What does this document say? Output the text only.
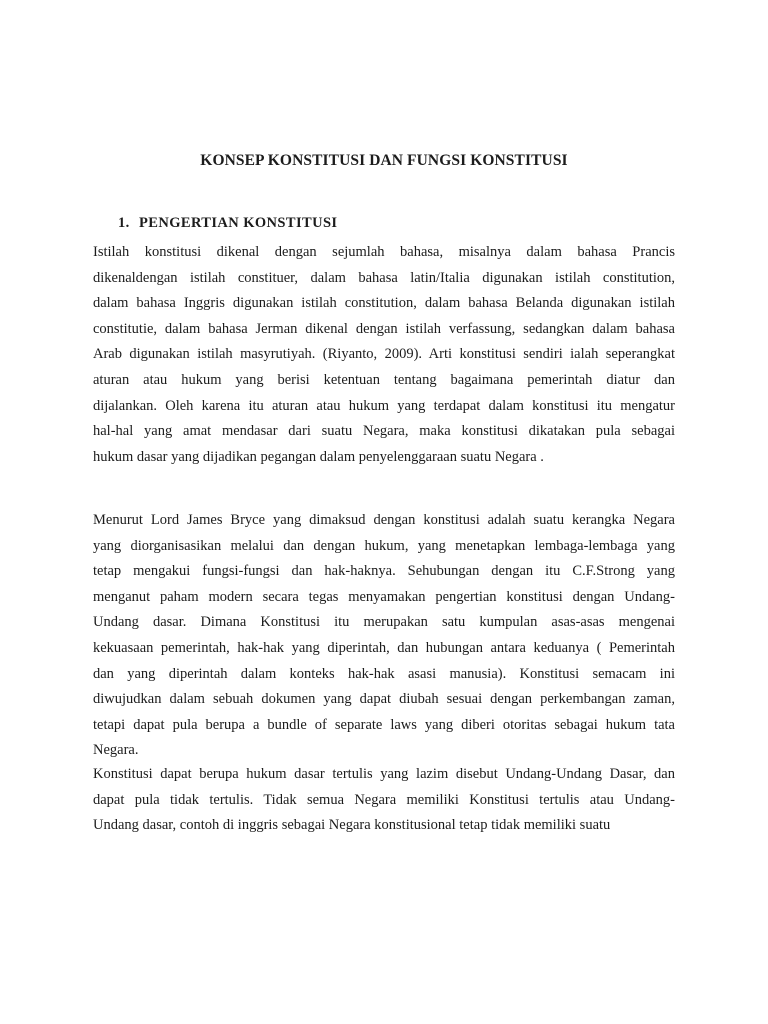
KONSEP KONSTITUSI DAN FUNGSI KONSTITUSI
1. PENGERTIAN KONSTITUSI
Istilah konstitusi dikenal dengan sejumlah bahasa, misalnya dalam bahasa Prancis
dikenaldengan istilah constituer, dalam bahasa latin/Italia digunakan istilah constitution,
dalam bahasa Inggris digunakan istilah constitution, dalam bahasa Belanda digunakan istilah
constitutie, dalam bahasa Jerman dikenal dengan istilah verfassung, sedangkan dalam bahasa
Arab digunakan istilah masyrutiyah. (Riyanto, 2009). Arti konstitusi sendiri ialah seperangkat
aturan atau hukum yang berisi ketentuan tentang bagaimana pemerintah diatur dan
dijalankan. Oleh karena itu aturan atau hukum yang terdapat dalam konstitusi itu mengatur
hal-hal yang amat mendasar dari suatu Negara, maka konstitusi dikatakan pula sebagai
hukum dasar yang dijadikan pegangan dalam penyelenggaraan suatu Negara .
Menurut Lord James Bryce yang dimaksud dengan konstitusi adalah suatu kerangka Negara
yang diorganisasikan melalui dan dengan hukum, yang menetapkan lembaga-lembaga yang
tetap mengakui fungsi-fungsi dan hak-haknya. Sehubungan dengan itu C.F.Strong yang
menganut paham modern secara tegas menyamakan pengertian konstitusi dengan Undang-
Undang dasar. Dimana Konstitusi itu merupakan satu kumpulan asas-asas mengenai
kekuasaan pemerintah, hak-hak yang diperintah, dan hubungan antara keduanya ( Pemerintah
dan yang diperintah dalam konteks hak-hak asasi manusia). Konstitusi semacam ini
diwujudkan dalam sebuah dokumen yang dapat diubah sesuai dengan perkembangan zaman,
tetapi dapat pula berupa a bundle of separate laws yang diberi otoritas sebagai hukum tata
Negara.
Konstitusi dapat berupa hukum dasar tertulis yang lazim disebut Undang-Undang Dasar, dan
dapat pula tidak tertulis. Tidak semua Negara memiliki Konstitusi tertulis atau Undang-
Undang dasar, contoh di inggris sebagai Negara konstitusional tetap tidak memiliki suatu
